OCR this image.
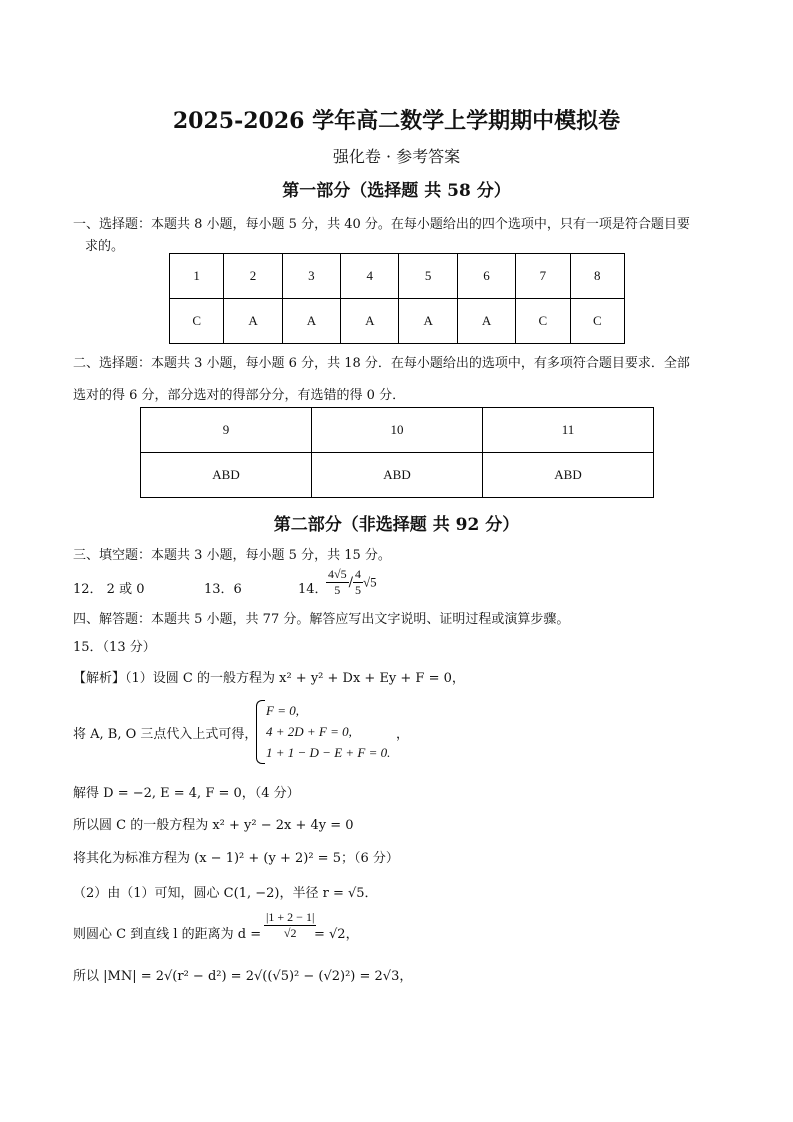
2025-2026 学年高二数学上学期期中模拟卷
强化卷 · 参考答案
第一部分（选择题 共 58 分）
一、选择题：本题共 8 小题，每小题 5 分，共 40 分。在每小题给出的四个选项中，只有一项是符合题目要
求的。
1	2	3	4	5	6	7	8
C	A	A	A	A	A	C	C
二、选择题：本题共 3 小题，每小题 6 分，共 18 分．在每小题给出的选项中，有多项符合题目要求．全部
选对的得 6 分，部分选对的得部分分，有选错的得 0 分．
9	10	11
ABD	ABD	ABD
第二部分（非选择题 共 92 分）
三、填空题：本题共 3 小题，每小题 5 分，共 15 分。
12． 2 或 0	13．6	14．
$\frac{4√5}{5} / \frac{4}{5} √5$
四、解答题：本题共 5 小题，共 77 分。解答应写出文字说明、证明过程或演算步骤。
15．（13 分）
【解析】（1）设圆 C 的一般方程为 x² + y² + Dx + Ey + F = 0，
将 A, B, O 三点代入上式可得，
F = 0,
4 + 2D + F = 0,
1 + 1 − D − E + F = 0.
，
解得 D = −2, E = 4, F = 0，（4 分）
所以圆 C 的一般方程为 x² + y² − 2x + 4y = 0
将其化为标准方程为 (x − 1)² + (y + 2)² = 5；（6 分）
（2）由（1）可知，圆心 C(1, −2)，半径 r = √5．
则圆心 C 到直线 l 的距离为 $d = \frac{|1 + 2 - 1|}{√2}$
= √2，
所以 |MN| = 2√(r² − d²) = 2√((√5)² − (√2)²) = 2√3，
